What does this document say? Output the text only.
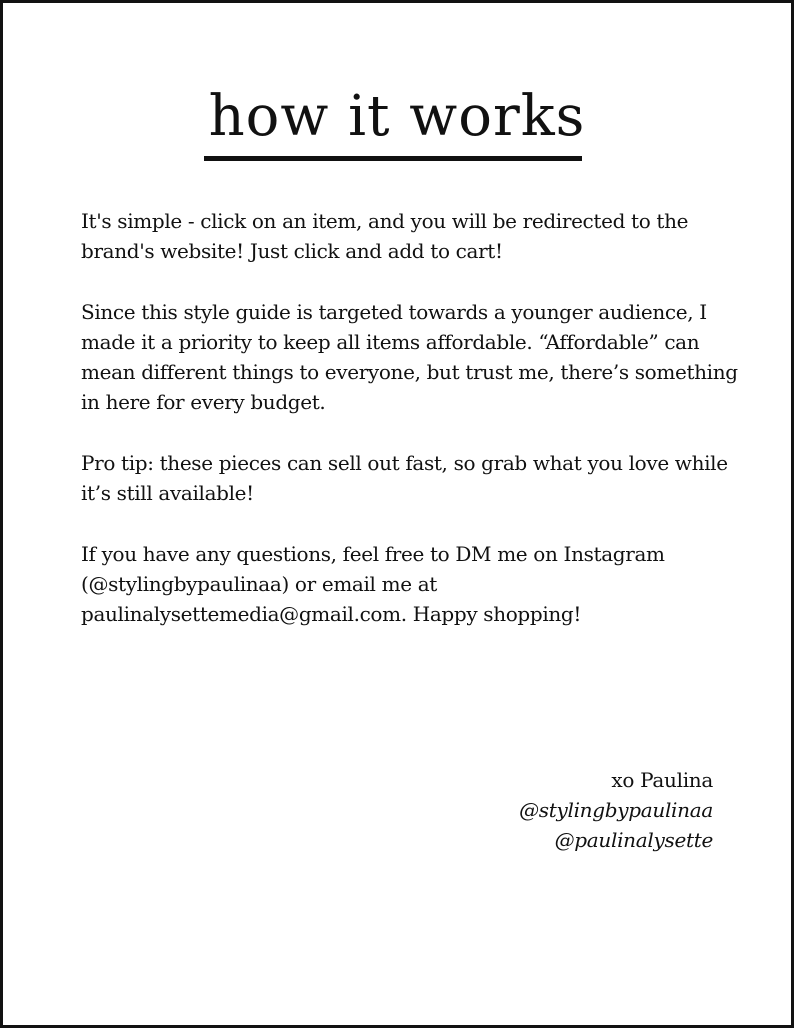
how it works

It's simple - click on an item, and you will be redirected to the brand's website! Just click and add to cart!

Since this style guide is targeted towards a younger audience, I made it a priority to keep all items affordable. “Affordable” can mean different things to everyone, but trust me, there’s something in here for every budget.

Pro tip: these pieces can sell out fast, so grab what you love while it’s still available!

If you have any questions, feel free to DM me on Instagram (@stylingbypaulinaa) or email me at paulinalysettemedia@gmail.com. Happy shopping!

xo Paulina
@stylingbypaulinaa
@paulinalysette
